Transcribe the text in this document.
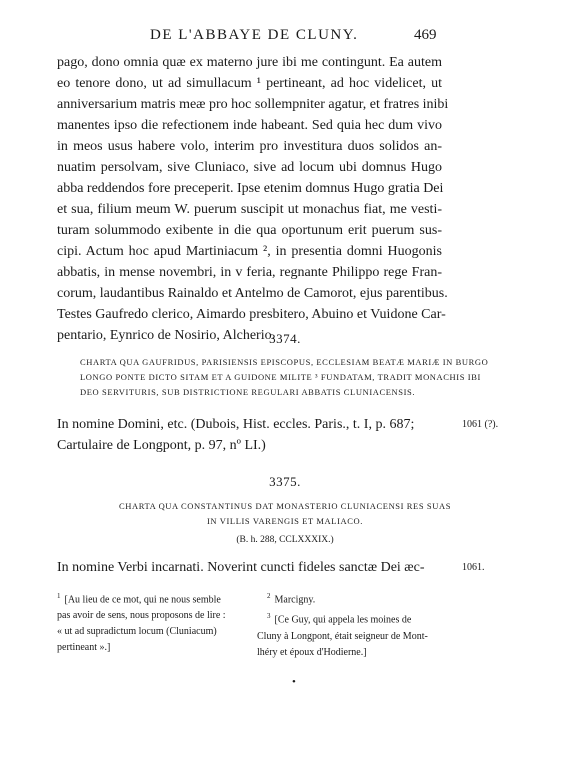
DE L'ABBAYE DE CLUNY.	469
pago, dono omnia quæ ex materno jure ibi me contingunt. Ea autem
eo tenore dono, ut ad simullacum ¹ pertineant, ad hoc videlicet, ut
anniversarium matris meæ pro hoc sollempniter agatur, et fratres inibi
manentes ipso die refectionem inde habeant. Sed quia hec dum vivo
in meos usus habere volo, interim pro investitura duos solidos an-
nuatim persolvam, sive Cluniaco, sive ad locum ubi domnus Hugo
abba reddendos fore preceperit. Ipse etenim domnus Hugo gratia Dei
et sua, filium meum W. puerum suscipit ut monachus fiat, me vesti-
turam solummodo exibente in die qua oportunum erit puerum sus-
cipi. Actum hoc apud Martiniacum ², in presentia domni Huogonis
abbatis, in mense novembri, in v feria, regnante Philippo rege Fran-
corum, laudantibus Rainaldo et Antelmo de Camorot, ejus parentibus.
Testes Gaufredo clerico, Aimardo presbitero, Abuino et Vuidone Car-
pentario, Eynrico de Nosirio, Alcherio.
3374.
CHARTA QUA GAUFRIDUS, PARISIENSIS EPISCOPUS, ECCLESIAM BEATÆ MARIÆ IN BURGO
LONGO PONTE DICTO SITAM ET A GUIDONE MILITE ³ FUNDATAM, TRADIT MONACHIS IBI
DEO SERVITURIS, SUB DISTRICTIONE REGULARI ABBATIS CLUNIACENSIS.
In nomine Domini, etc. (Dubois, Hist. eccles. Paris., t. I, p. 687;
Cartulaire de Longpont, p. 97, nº LI.)
1061 (?).
3375.
CHARTA QUA CONSTANTINUS DAT MONASTERIO CLUNIACENSI RES SUAS
IN VILLIS VARENGIS ET MALIACO.
(B. h. 288, CCLXXXIX.)
In nomine Verbi incarnati. Noverint cuncti fideles sanctæ Dei æc-	1061.
$^1$ [Au lieu de ce mot, qui ne nous semble
pas avoir de sens, nous proposons de lire :
« ut ad supradictum locum (Cluniacum)
pertineant ».]
$^2$ Marcigny.
$^3$ [Ce Guy, qui appela les moines de
Cluny à Longpont, était seigneur de Mont-
lhéry et époux d'Hodierne.]
•
